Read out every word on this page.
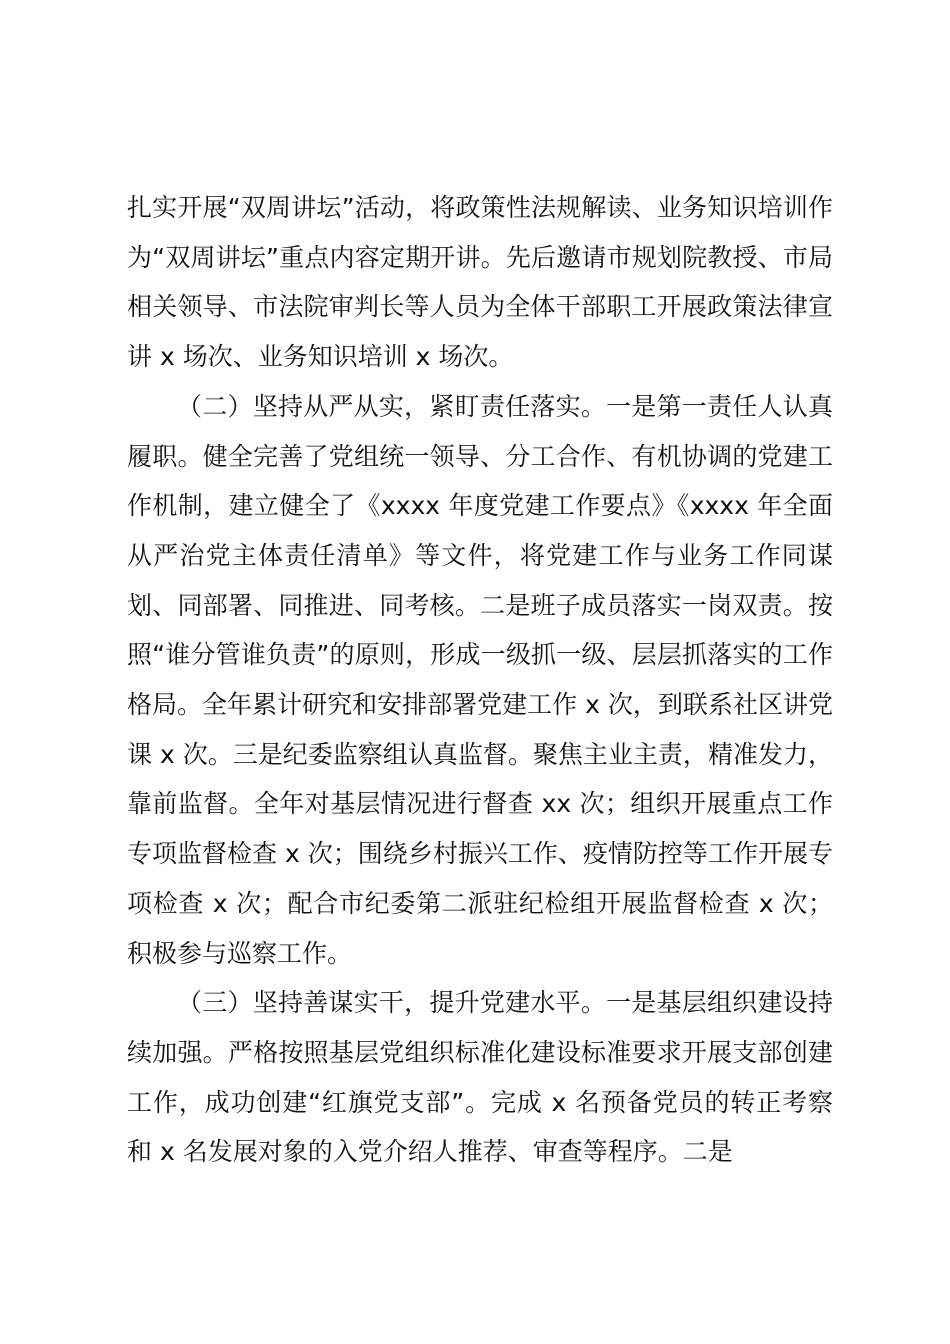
扎实开展“双周讲坛”活动，将政策性法规解读、业务知识培训作为“双周讲坛”重点内容定期开讲。先后邀请市规划院教授、市局相关领导、市法院审判长等人员为全体干部职工开展政策法律宣讲 x 场次、业务知识培训 x 场次。

（二）坚持从严从实，紧盯责任落实。一是第一责任人认真履职。健全完善了党组统一领导、分工合作、有机协调的党建工作机制，建立健全了《xxxx 年度党建工作要点》《xxxx 年全面从严治党主体责任清单》等文件，将党建工作与业务工作同谋划、同部署、同推进、同考核。二是班子成员落实一岗双责。按照“谁分管谁负责”的原则，形成一级抓一级、层层抓落实的工作格局。全年累计研究和安排部署党建工作 x 次，到联系社区讲党课 x 次。三是纪委监察组认真监督。聚焦主业主责，精准发力，靠前监督。全年对基层情况进行督查 xx 次；组织开展重点工作专项监督检查 x 次；围绕乡村振兴工作、疫情防控等工作开展专项检查 x 次；配合市纪委第二派驻纪检组开展监督检查 x 次；积极参与巡察工作。

（三）坚持善谋实干，提升党建水平。一是基层组织建设持续加强。严格按照基层党组织标准化建设标准要求开展支部创建工作，成功创建“红旗党支部”。完成 x 名预备党员的转正考察和 x 名发展对象的入党介绍人推荐、审查等程序。二是
